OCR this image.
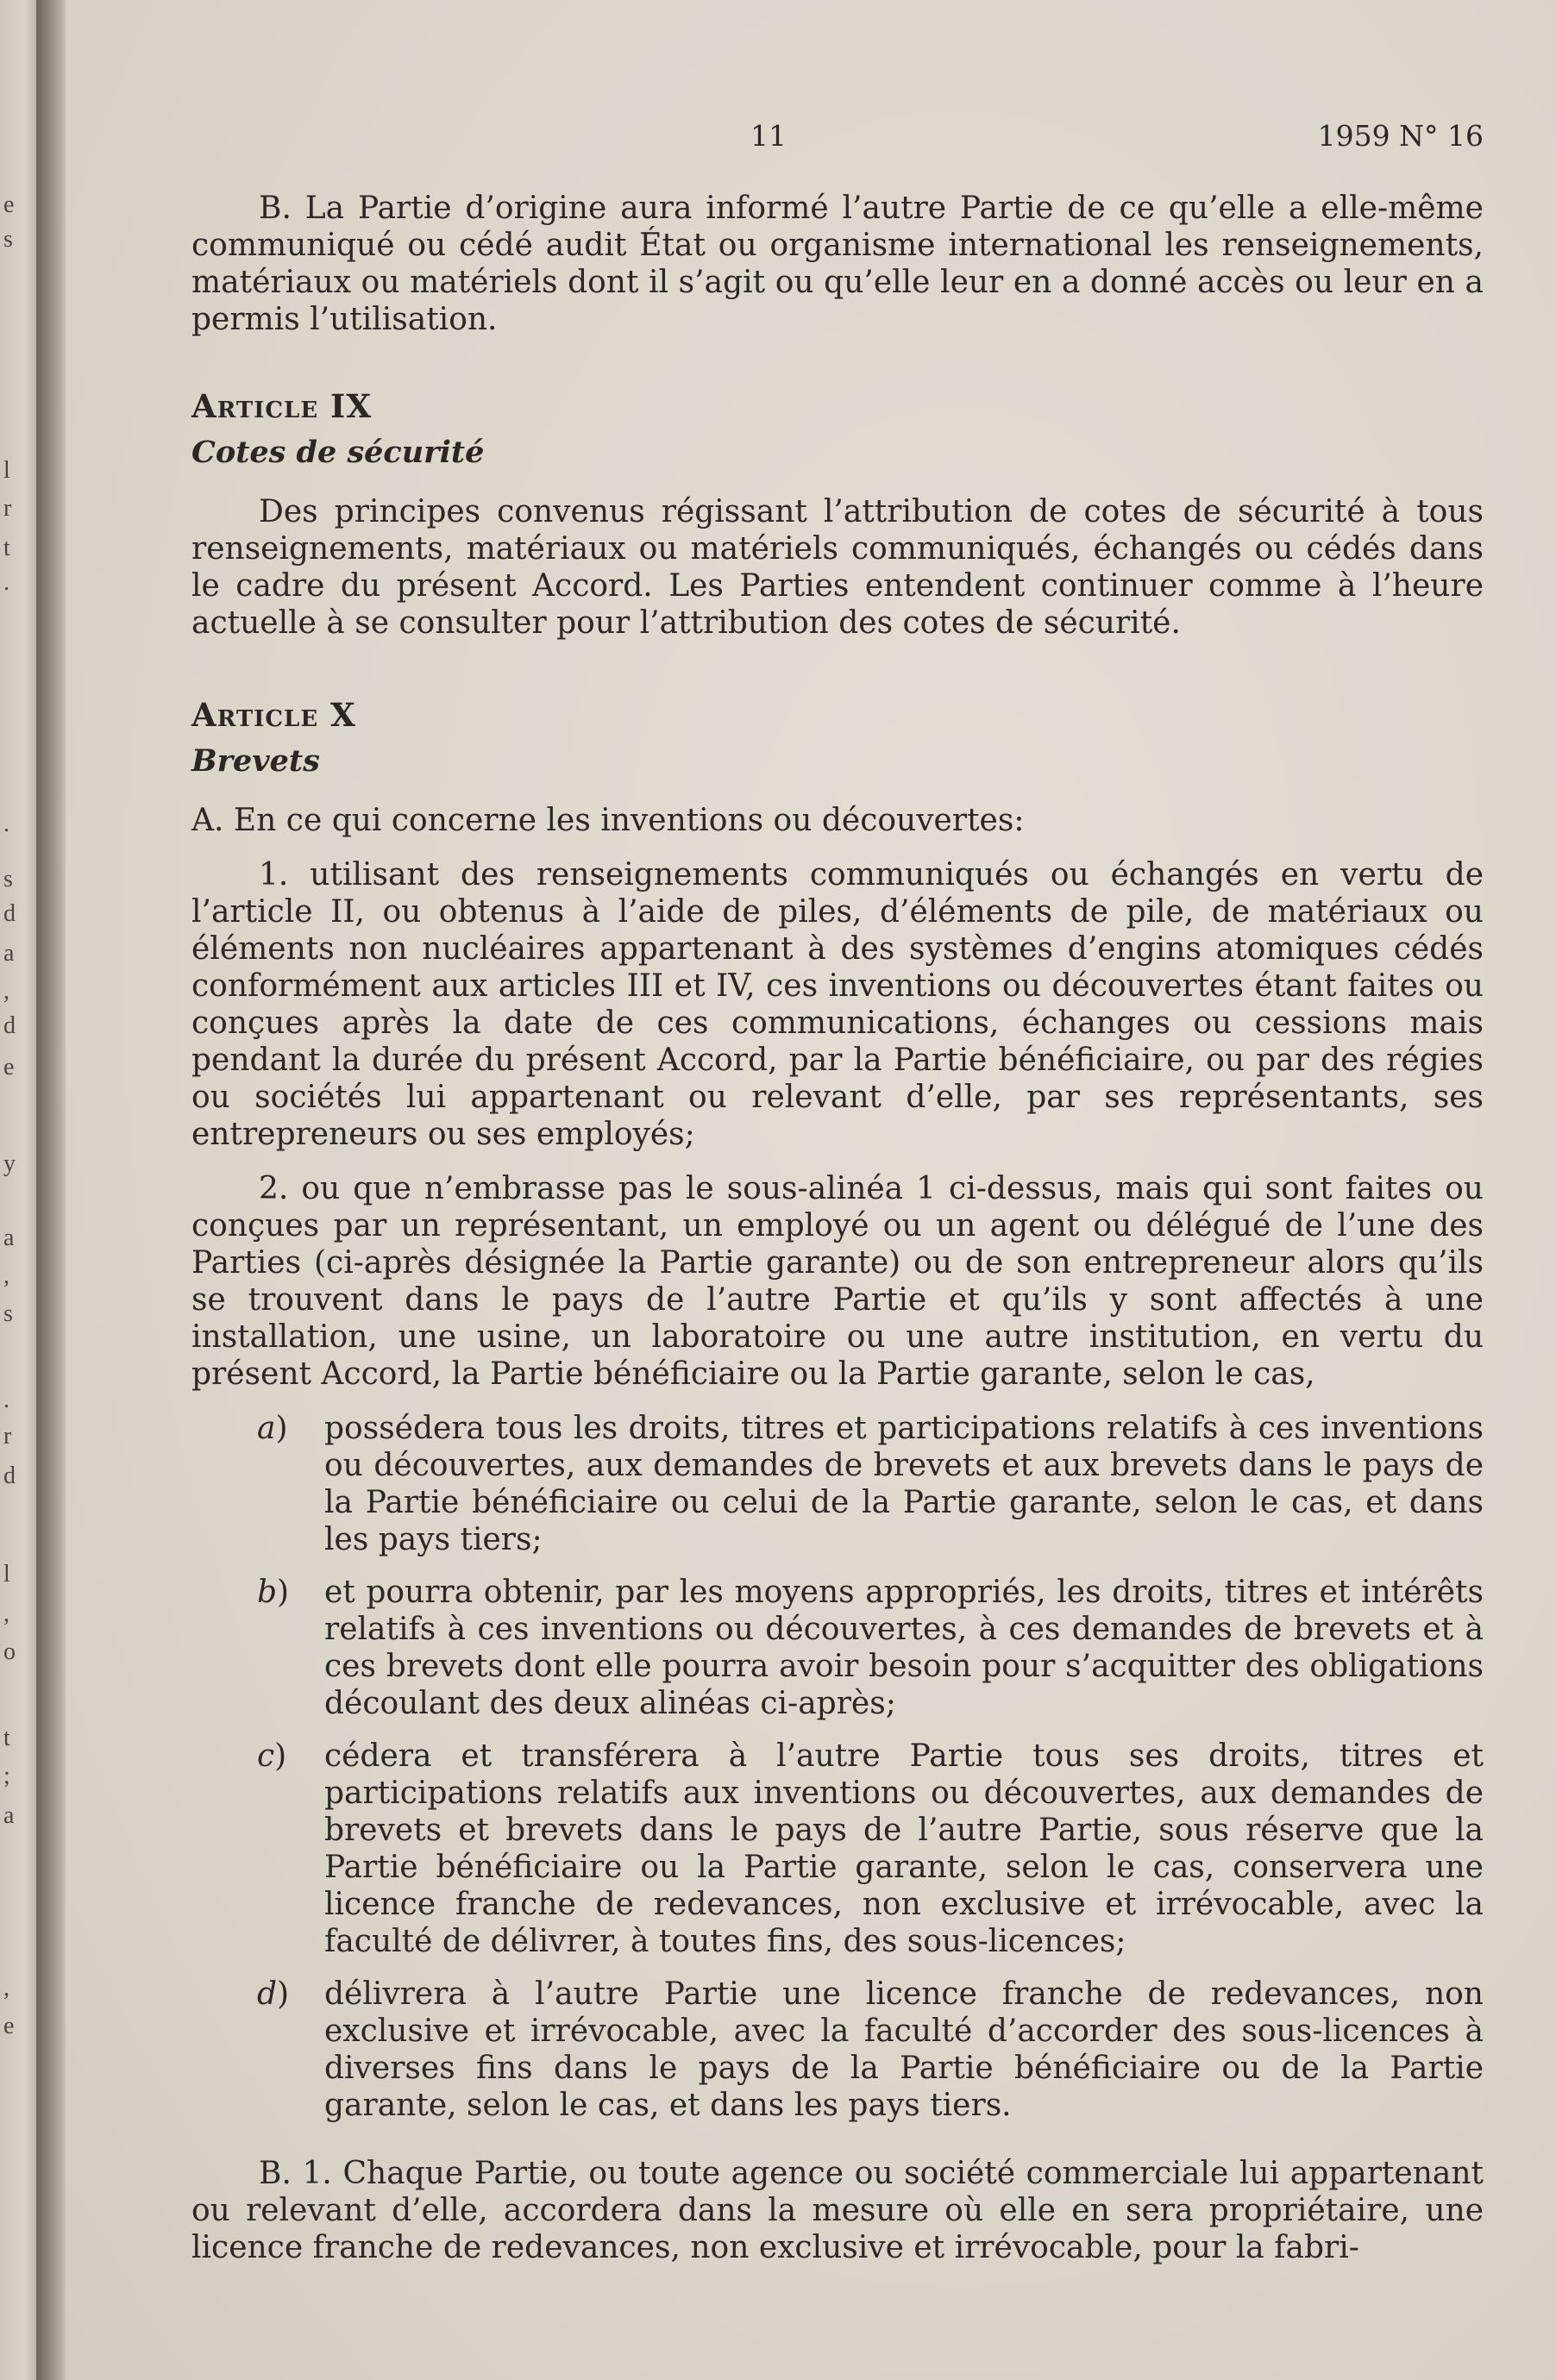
e
s
l
r
t
.
.
s
d
a
,
d
e
y
a
,
s
.
r
d
l
,
o
t
;
a
,
e
11	1959 N° 16

B. La Partie d’origine aura informé l’autre Partie de ce qu’elle a elle-même communiqué ou cédé audit État ou organisme international les renseignements, matériaux ou matériels dont il s’agit ou qu’elle leur en a donné accès ou leur en a permis l’utilisation.

Article IX
Cotes de sécurité

Des principes convenus régissant l’attribution de cotes de sécurité à tous renseignements, matériaux ou matériels communiqués, échangés ou cédés dans le cadre du présent Accord. Les Parties entendent continuer comme à l’heure actuelle à se consulter pour l’attribution des cotes de sécurité.

Article X
Brevets

A. En ce qui concerne les inventions ou découvertes:

1. utilisant des renseignements communiqués ou échangés en vertu de l’article II, ou obtenus à l’aide de piles, d’éléments de pile, de matériaux ou éléments non nucléaires appartenant à des systèmes d’engins atomiques cédés conformément aux articles III et IV, ces inventions ou découvertes étant faites ou conçues après la date de ces communications, échanges ou cessions mais pendant la durée du présent Accord, par la Partie bénéficiaire, ou par des régies ou sociétés lui appartenant ou relevant d’elle, par ses représentants, ses entrepreneurs ou ses employés;

2. ou que n’embrasse pas le sous-alinéa 1 ci-dessus, mais qui sont faites ou conçues par un représentant, un employé ou un agent ou délégué de l’une des Parties (ci-après désignée la Partie garante) ou de son entrepreneur alors qu’ils se trouvent dans le pays de l’autre Partie et qu’ils y sont affectés à une installation, une usine, un laboratoire ou une autre institution, en vertu du présent Accord, la Partie bénéficiaire ou la Partie garante, selon le cas,

a) possédera tous les droits, titres et participations relatifs à ces inventions ou découvertes, aux demandes de brevets et aux brevets dans le pays de la Partie bénéficiaire ou celui de la Partie garante, selon le cas, et dans les pays tiers;
b) et pourra obtenir, par les moyens appropriés, les droits, titres et intérêts relatifs à ces inventions ou découvertes, à ces demandes de brevets et à ces brevets dont elle pourra avoir besoin pour s’acquitter des obligations découlant des deux alinéas ci-après;
c) cédera et transférera à l’autre Partie tous ses droits, titres et participations relatifs aux inventions ou découvertes, aux demandes de brevets et brevets dans le pays de l’autre Partie, sous réserve que la Partie bénéficiaire ou la Partie garante, selon le cas, conservera une licence franche de redevances, non exclusive et irrévocable, avec la faculté de délivrer, à toutes fins, des sous-licences;
d) délivrera à l’autre Partie une licence franche de redevances, non exclusive et irrévocable, avec la faculté d’accorder des sous-licences à diverses fins dans le pays de la Partie bénéficiaire ou de la Partie garante, selon le cas, et dans les pays tiers.

B. 1. Chaque Partie, ou toute agence ou société commerciale lui appartenant ou relevant d’elle, accordera dans la mesure où elle en sera propriétaire, une licence franche de redevances, non exclusive et irrévocable, pour la fabri-
